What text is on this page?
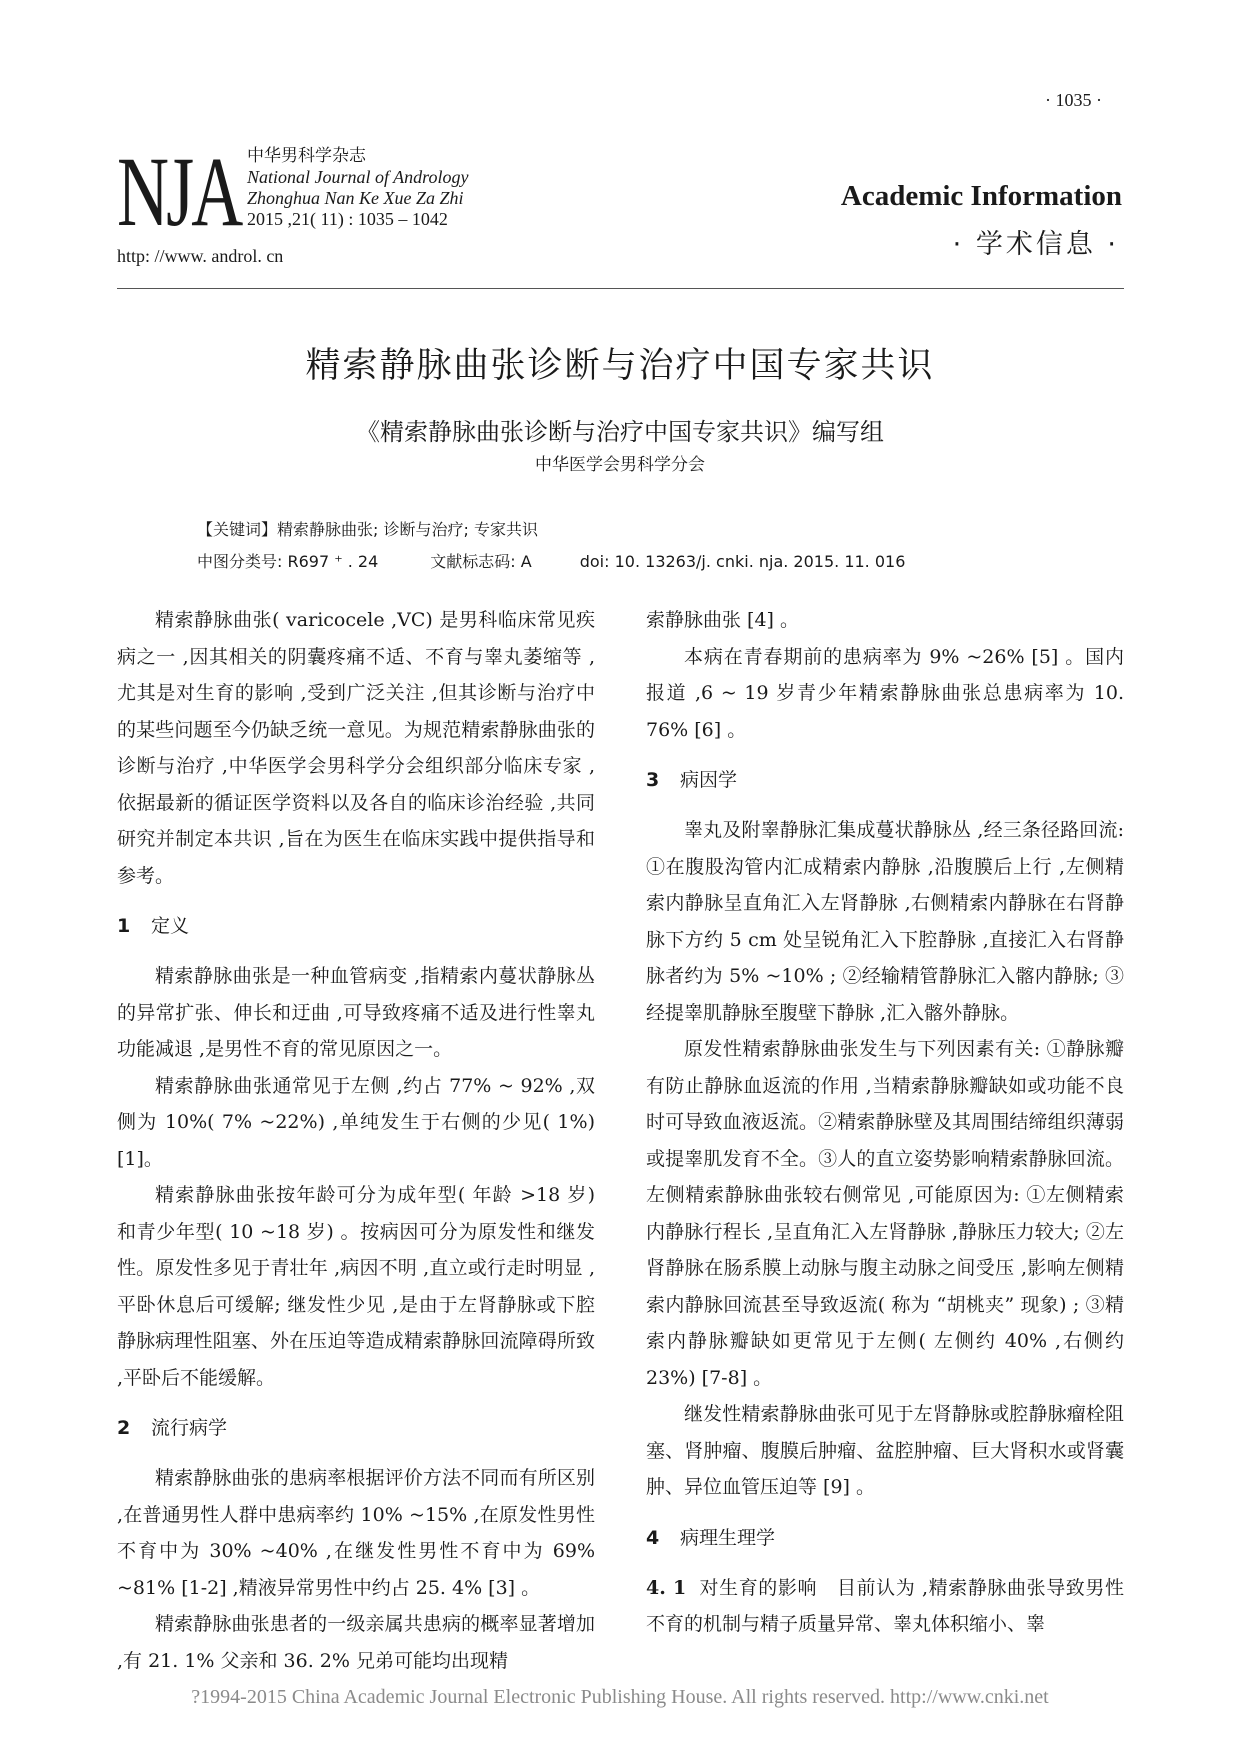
· 1035 ·
NJA 中华男科学杂志
National Journal of Andrology
Zhonghua Nan Ke Xue Za Zhi
2015 ,21( 11) : 1035 – 1042
http: //www. androl. cn
Academic Information
· 学术信息 ·
精索静脉曲张诊断与治疗中国专家共识
《精索静脉曲张诊断与治疗中国专家共识》编写组
中华医学会男科学分会
【关键词】精索静脉曲张; 诊断与治疗; 专家共识
中图分类号: R697 ⁺ . 24	文献标志码: A	doi: 10. 13263/j. cnki. nja. 2015. 11. 016

精索静脉曲张( varicocele ,VC) 是男科临床常见疾病之一 ,因其相关的阴囊疼痛不适、不育与睾丸萎缩等 ,尤其是对生育的影响 ,受到广泛关注 ,但其诊断与治疗中的某些问题至今仍缺乏统一意见。为规范精索静脉曲张的诊断与治疗 ,中华医学会男科学分会组织部分临床专家 ,依据最新的循证医学资料以及各自的临床诊治经验 ,共同研究并制定本共识 ,旨在为医生在临床实践中提供指导和参考。

1 定义

精索静脉曲张是一种血管病变 ,指精索内蔓状静脉丛的异常扩张、伸长和迂曲 ,可导致疼痛不适及进行性睾丸功能减退 ,是男性不育的常见原因之一。

精索静脉曲张通常见于左侧 ,约占 77% ~ 92% ,双侧为 10%( 7% ~22%) ,单纯发生于右侧的少见( 1%) [1]。

精索静脉曲张按年龄可分为成年型( 年龄 >18 岁) 和青少年型( 10 ~18 岁) 。按病因可分为原发性和继发性。原发性多见于青壮年 ,病因不明 ,直立或行走时明显 ,平卧休息后可缓解; 继发性少见 ,是由于左肾静脉或下腔静脉病理性阻塞、外在压迫等造成精索静脉回流障碍所致 ,平卧后不能缓解。

2 流行病学

精索静脉曲张的患病率根据评价方法不同而有所区别 ,在普通男性人群中患病率约 10% ~15% ,在原发性男性不育中为 30% ~40% ,在继发性男性不育中为 69% ~81% [1-2] ,精液异常男性中约占 25. 4% [3] 。

精索静脉曲张患者的一级亲属共患病的概率显著增加 ,有 21. 1% 父亲和 36. 2% 兄弟可能均出现精

索静脉曲张 [4] 。

本病在青春期前的患病率为 9% ~26% [5] 。国内报道 ,6 ~ 19 岁青少年精索静脉曲张总患病率为 10. 76% [6] 。

3 病因学

睾丸及附睾静脉汇集成蔓状静脉丛 ,经三条径路回流: ①在腹股沟管内汇成精索内静脉 ,沿腹膜后上行 ,左侧精索内静脉呈直角汇入左肾静脉 ,右侧精索内静脉在右肾静脉下方约 5 cm 处呈锐角汇入下腔静脉 ,直接汇入右肾静脉者约为 5% ~10% ; ②经输精管静脉汇入髂内静脉; ③经提睾肌静脉至腹壁下静脉 ,汇入髂外静脉。

原发性精索静脉曲张发生与下列因素有关: ①静脉瓣有防止静脉血返流的作用 ,当精索静脉瓣缺如或功能不良时可导致血液返流。②精索静脉壁及其周围结缔组织薄弱或提睾肌发育不全。③人的直立姿势影响精索静脉回流。左侧精索静脉曲张较右侧常见 ,可能原因为: ①左侧精索内静脉行程长 ,呈直角汇入左肾静脉 ,静脉压力较大; ②左肾静脉在肠系膜上动脉与腹主动脉之间受压 ,影响左侧精索内静脉回流甚至导致返流( 称为 “胡桃夹” 现象) ; ③精索内静脉瓣缺如更常见于左侧( 左侧约 40% ,右侧约 23%) [7-8] 。

继发性精索静脉曲张可见于左肾静脉或腔静脉瘤栓阻塞、肾肿瘤、腹膜后肿瘤、盆腔肿瘤、巨大肾积水或肾囊肿、异位血管压迫等 [9] 。

4 病理生理学

4. 1 对生育的影响 目前认为 ,精索静脉曲张导致男性不育的机制与精子质量异常、睾丸体积缩小、睾

?1994-2015 China Academic Journal Electronic Publishing House. All rights reserved. http://www.cnki.net
